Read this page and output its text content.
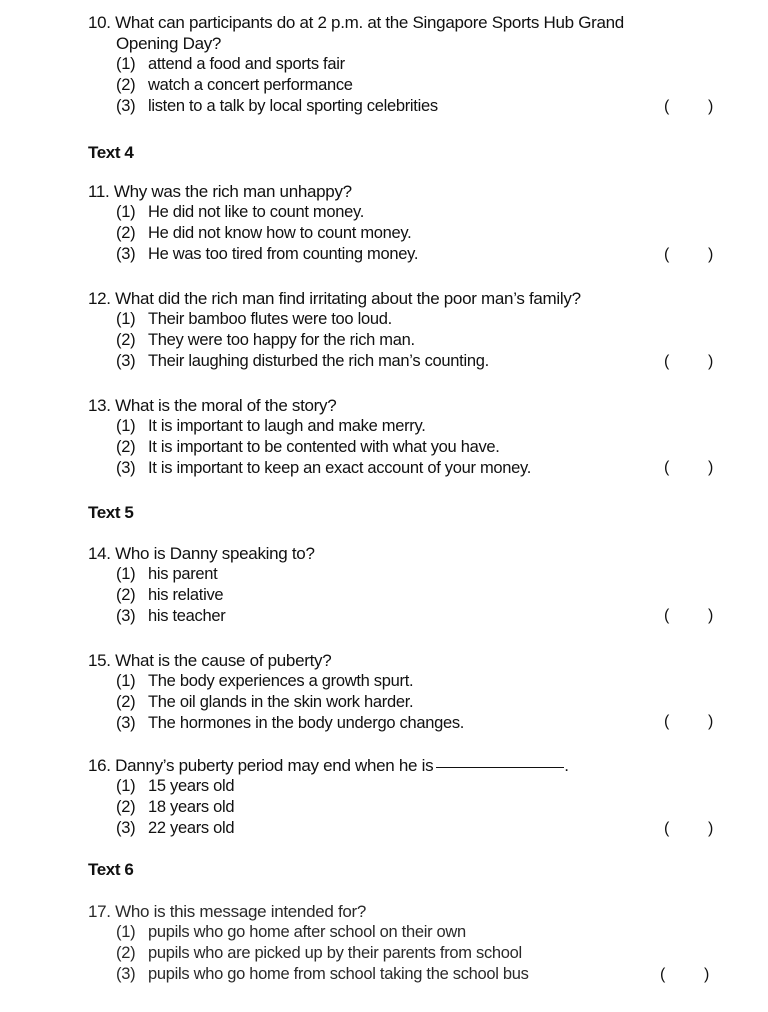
10. What can participants do at 2 p.m. at the Singapore Sports Hub Grand
Opening Day?
(1) attend a food and sports fair
(2) watch a concert performance
(3) listen to a talk by local sporting celebrities	( )
Text 4
11. Why was the rich man unhappy?
(1) He did not like to count money.
(2) He did not know how to count money.
(3) He was too tired from counting money.	( )
12. What did the rich man find irritating about the poor man’s family?
(1) Their bamboo flutes were too loud.
(2) They were too happy for the rich man.
(3) Their laughing disturbed the rich man’s counting.	( )
13. What is the moral of the story?
(1) It is important to laugh and make merry.
(2) It is important to be contented with what you have.
(3) It is important to keep an exact account of your money.	( )
Text 5
14. Who is Danny speaking to?
(1) his parent
(2) his relative
(3) his teacher	( )
15. What is the cause of puberty?
(1) The body experiences a growth spurt.
(2) The oil glands in the skin work harder.
(3) The hormones in the body undergo changes.	( )
16. Danny’s puberty period may end when he is	.
(1) 15 years old
(2) 18 years old
(3) 22 years old	( )
Text 6
17. Who is this message intended for?
(1) pupils who go home after school on their own
(2) pupils who are picked up by their parents from school
(3) pupils who go home from school taking the school bus	( )
